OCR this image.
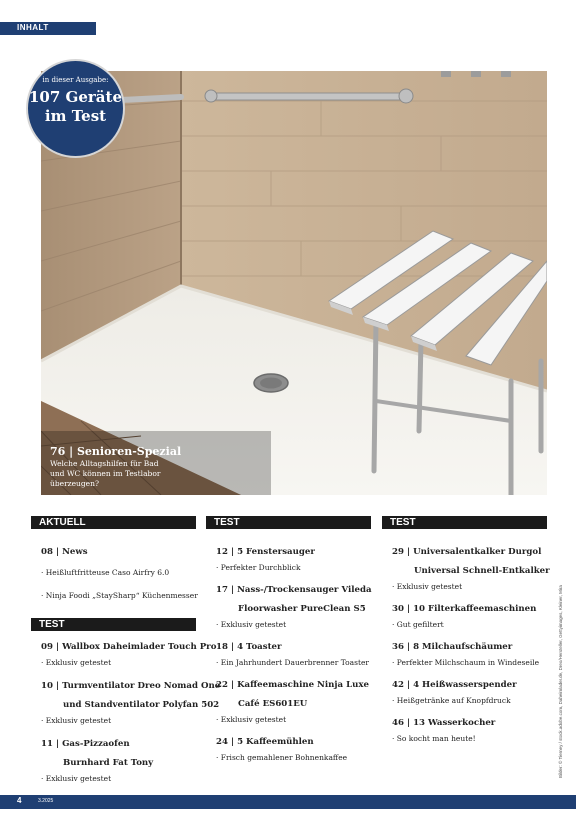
INHALT
in dieser Ausgabe:
107 Geräte
im Test
76 | Senioren-Spezial
Welche Alltagshilfen für Bad
und WC können im Testlabor
überzeugen?
AKTUELL
08 | News
· Heißluftfritteuse Caso Airfry 6.0
· Ninja Foodi „StaySharp“ Küchenmesser
TEST
09 | Wallbox Daheimlader Touch Pro
· Exklusiv getestet
10 | Turmventilator Dreo Nomad One
und Standventilator Polyfan 502
· Exklusiv getestet
11 | Gas-Pizzaofen
Burnhard Fat Tony
· Exklusiv getestet
TEST
12 | 5 Fenstersauger
· Perfekter Durchblick
17 | Nass-/Trockensauger Vileda
Floorwasher PureClean S5
· Exklusiv getestet
18 | 4 Toaster
· Ein Jahrhundert Dauerbrenner Toaster
22 | Kaffeemaschine Ninja Luxe
Café ES601EU
· Exklusiv getestet
24 | 5 Kaffeemühlen
· Frisch gemahlener Bohnenkaffee
TEST
29 | Universalentkalker Durgol
Universal Schnell-Entkalker
· Exklusiv getestet
30 | 10 Filterkaffeemaschinen
· Gut gefiltert
36 | 8 Milchaufschäumer
· Perfekter Milchschaum in Windeseile
42 | 4 Heißwasserspender
· Heißgetränke auf Knopfdruck
46 | 13 Wasserkocher
· So kocht man heute!	Bilder: © Tierney / stock.adobe.com, Daheimlader.de, Dreo/Hersteller, Gettyimages, Kleiner, Mira
4	3.2025
